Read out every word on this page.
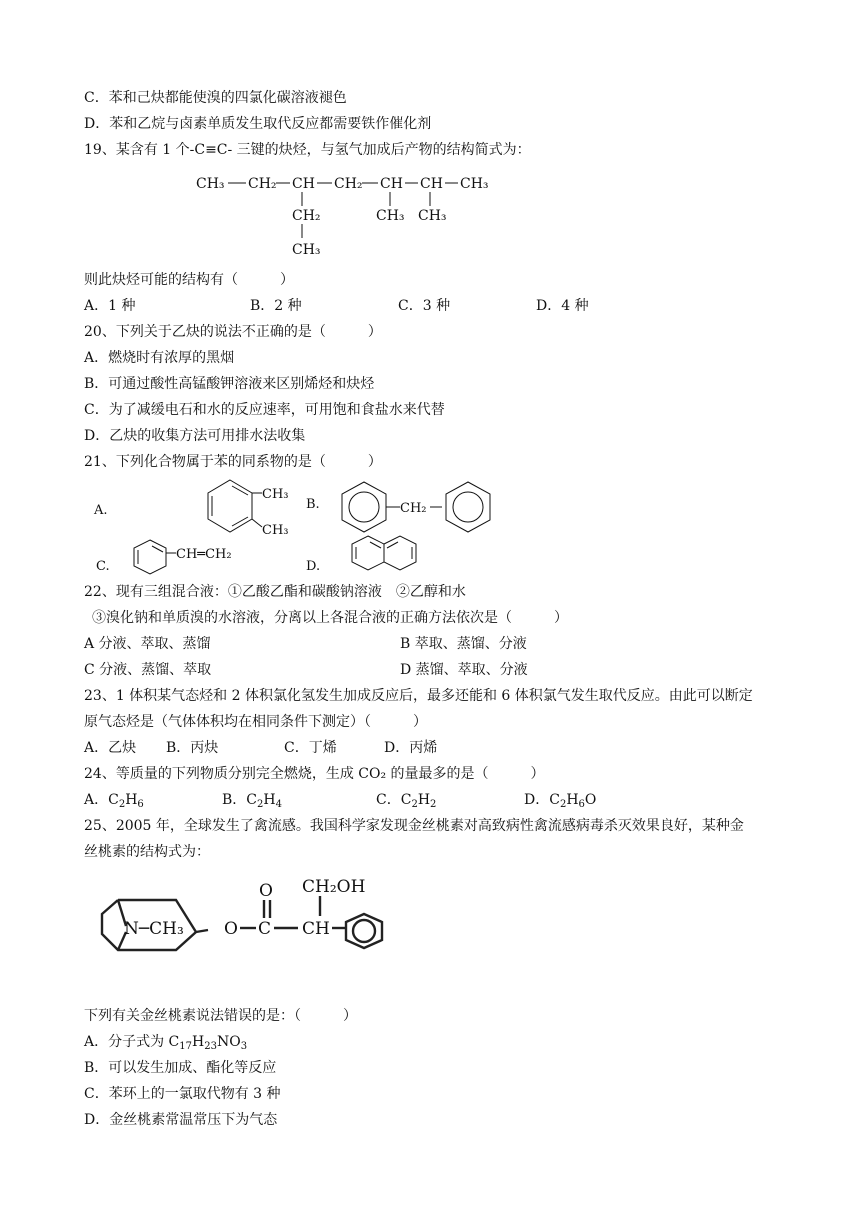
C．苯和己炔都能使溴的四氯化碳溶液褪色
D．苯和乙烷与卤素单质发生取代反应都需要铁作催化剂
19、某含有 1 个-C≡C- 三键的炔烃，与氢气加成后产物的结构简式为：
CH₃ CH₂ CH CH₂ CH CH CH₃
CH₂
CH₃
CH₃ CH₃
则此炔烃可能的结构有（　　　）
A．1 种	B．2 种	C．3 种	D．4 种
20、下列关于乙炔的说法不正确的是（　　　）
A．燃烧时有浓厚的黑烟
B．可通过酸性高锰酸钾溶液来区别烯烃和炔烃
C．为了减缓电石和水的反应速率，可用饱和食盐水来代替
D．乙炔的收集方法可用排水法收集
21、下列化合物属于苯的同系物的是（　　　）
A.
CH₃
CH₃
B.	CH₂
C.
CH═CH₂
D.
22、现有三组混合液：①乙酸乙酯和碳酸钠溶液　②乙醇和水
③溴化钠和单质溴的水溶液，分离以上各混合液的正确方法依次是（　　　）
A 分液、萃取、蒸馏	B 萃取、蒸馏、分液
C 分液、蒸馏、萃取	D 蒸馏、萃取、分液
23、1 体积某气态烃和 2 体积氯化氢发生加成反应后，最多还能和 6 体积氯气发生取代反应。由此可以断定
原气态烃是（气体体积均在相同条件下测定）（　　　）
A．乙炔 B．丙炔	C．丁烯	D．丙烯
24、等质量的下列物质分别完全燃烧，生成 CO₂ 的量最多的是（　　　）
A．$C_2H_6$	B．$C_2H_4$	C．$C_2H_2$	D．$C_2H_6O$
25、2005 年，全球发生了禽流感。我国科学家发现金丝桃素对高致病性禽流感病毒杀灭效果良好，某种金
丝桃素的结构式为：
O CH₂OH
N─CH₃ O C CH
下列有关金丝桃素说法错误的是：（　　　）
A．分子式为 $C_{17}H_{23}NO_3$
B．可以发生加成、酯化等反应
C．苯环上的一氯取代物有 3 种
D．金丝桃素常温常压下为气态
